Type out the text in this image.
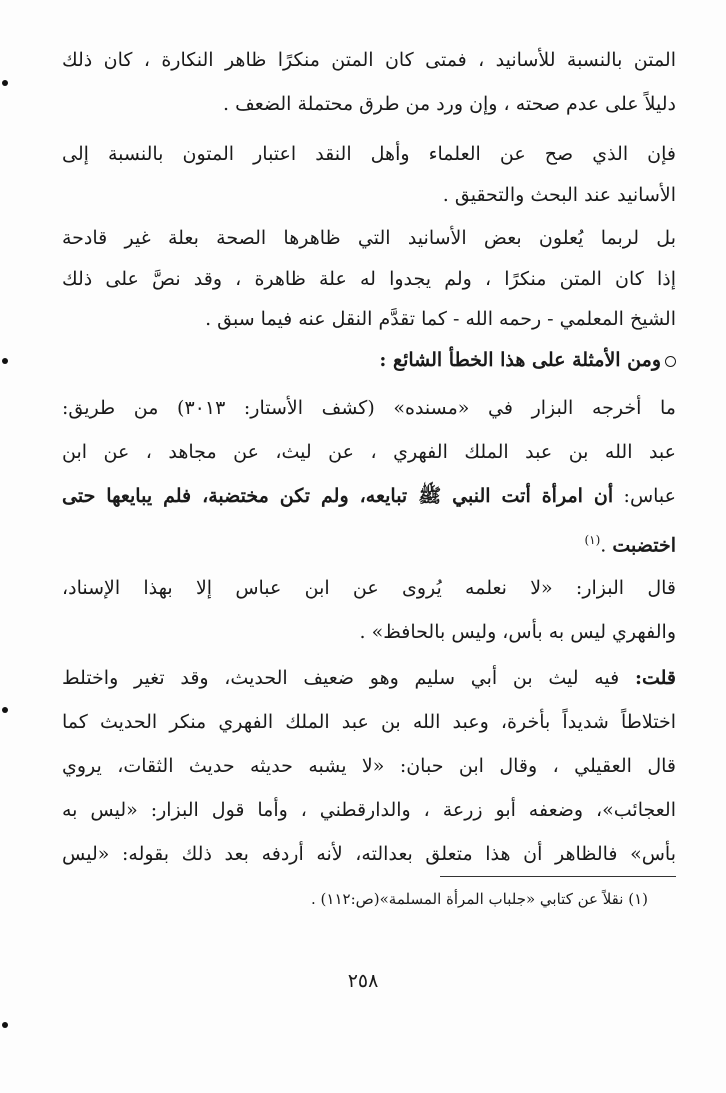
المتن بالنسبة للأسانيد ، فمتى كان المتن منكرًا ظاهر النكارة ، كان ذلك
دليلاً على عدم صحته ، وإن ورد من طرق محتملة الضعف .
فإن الذي صح عن العلماء وأهل النقد اعتبار المتون بالنسبة إلى
الأسانيد عند البحث والتحقيق .
بل لربما يُعلون بعض الأسانيد التي ظاهرها الصحة بعلة غير قادحة
إذا كان المتن منكرًا ، ولم يجدوا له علة ظاهرة ، وقد نصَّ على ذلك
الشيخ المعلمي - رحمه الله - كما تقدَّم النقل عنه فيما سبق .
ومن الأمثلة على هذا الخطأ الشائع :
ما أخرجه البزار في «مسنده» (كشف الأستار: ٣٠١٣) من طريق:
عبد الله بن عبد الملك الفهري ، عن ليث، عن مجاهد ، عن ابن
عباس: أن امرأة أتت النبي ﷺ تبايعه، ولم تكن مختضبة، فلم يبايعها حتى
اختضبت .$^{(١)}$
قال البزار: «لا نعلمه يُروى عن ابن عباس إلا بهذا الإسناد،
والفهري ليس به بأس، وليس بالحافظ» .
قلت: فيه ليث بن أبي سليم وهو ضعيف الحديث، وقد تغير واختلط
اختلاطاً شديداً بأخرة، وعبد الله بن عبد الملك الفهري منكر الحديث كما
قال العقيلي ، وقال ابن حبان: «لا يشبه حديثه حديث الثقات، يروي
العجائب»، وضعفه أبو زرعة ، والدارقطني ، وأما قول البزار: «ليس به
بأس» فالظاهر أن هذا متعلق بعدالته، لأنه أردفه بعد ذلك بقوله: «ليس
(١) نقلاً عن كتابي «جلباب المرأة المسلمة»(ص:١١٢) .
٢٥٨
